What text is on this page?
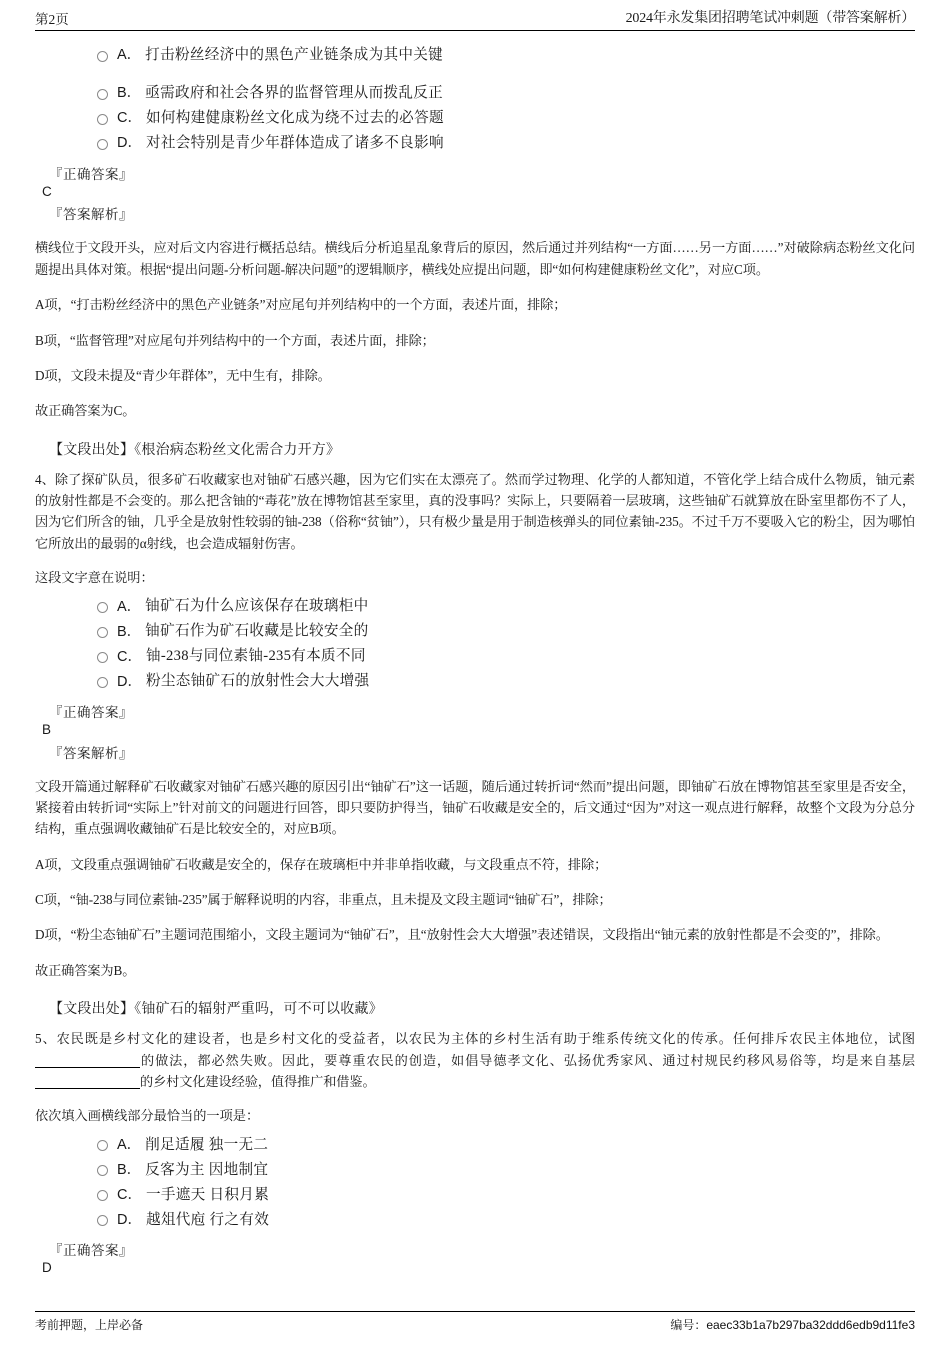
第2页	2024年永发集团招聘笔试冲刺题（带答案解析）
A． 打击粉丝经济中的黑色产业链条成为其中关键
B． 亟需政府和社会各界的监督管理从而拨乱反正
C． 如何构建健康粉丝文化成为绕不过去的必答题
D． 对社会特别是青少年群体造成了诸多不良影响
『正确答案』
C
『答案解析』

横线位于文段开头，应对后文内容进行概括总结。横线后分析追星乱象背后的原因，然后通过并列结构“一方面……另一方面……”对破除病态粉丝文化问题提出具体对策。根据“提出问题-分析问题-解决问题”的逻辑顺序，横线处应提出问题，即“如何构建健康粉丝文化”，对应C项。

A项，“打击粉丝经济中的黑色产业链条”对应尾句并列结构中的一个方面，表述片面，排除；

B项，“监督管理”对应尾句并列结构中的一个方面，表述片面，排除；

D项，文段未提及“青少年群体”，无中生有，排除。

故正确答案为C。

【文段出处】《根治病态粉丝文化需合力开方》

4、除了探矿队员，很多矿石收藏家也对铀矿石感兴趣，因为它们实在太漂亮了。然而学过物理、化学的人都知道，不管化学上结合成什么物质，铀元素的放射性都是不会变的。那么把含铀的“毒花”放在博物馆甚至家里，真的没事吗？实际上，只要隔着一层玻璃，这些铀矿石就算放在卧室里都伤不了人，因为它们所含的铀，几乎全是放射性较弱的铀-238（俗称“贫铀”），只有极少量是用于制造核弹头的同位素铀-235。不过千万不要吸入它的粉尘，因为哪怕它所放出的最弱的α射线，也会造成辐射伤害。

这段文字意在说明：

A． 铀矿石为什么应该保存在玻璃柜中
B． 铀矿石作为矿石收藏是比较安全的
C． 铀-238与同位素铀-235有本质不同
D． 粉尘态铀矿石的放射性会大大增强
『正确答案』
B
『答案解析』

文段开篇通过解释矿石收藏家对铀矿石感兴趣的原因引出“铀矿石”这一话题，随后通过转折词“然而”提出问题，即铀矿石放在博物馆甚至家里是否安全，紧接着由转折词“实际上”针对前文的问题进行回答，即只要防护得当，铀矿石收藏是安全的，后文通过“因为”对这一观点进行解释，故整个文段为分总分结构，重点强调收藏铀矿石是比较安全的，对应B项。

A项，文段重点强调铀矿石收藏是安全的，保存在玻璃柜中并非单指收藏，与文段重点不符，排除；

C项，“铀-238与同位素铀-235”属于解释说明的内容，非重点，且未提及文段主题词“铀矿石”，排除；

D项，“粉尘态铀矿石”主题词范围缩小，文段主题词为“铀矿石”，且“放射性会大大增强”表述错误，文段指出“铀元素的放射性都是不会变的”，排除。

故正确答案为B。

【文段出处】《铀矿石的辐射严重吗，可不可以收藏》

5、农民既是乡村文化的建设者，也是乡村文化的受益者，以农民为主体的乡村生活有助于维系传统文化的传承。任何排斥农民主体地位，试图的做法，都必然失败。因此，要尊重农民的创造，如倡导德孝文化、弘扬优秀家风、通过村规民约移风易俗等，均是来自基层的乡村文化建设经验，值得推广和借鉴。

依次填入画横线部分最恰当的一项是：

A． 削足适履 独一无二
B． 反客为主 因地制宜
C． 一手遮天 日积月累
D． 越俎代庖 行之有效
『正确答案』
D
考前押题，上岸必备	编号：eaec33b1a7b297ba32ddd6edb9d11fe3
